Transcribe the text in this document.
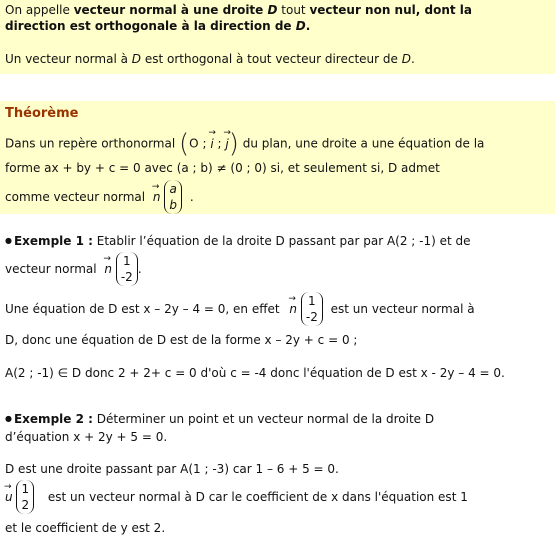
On appelle vecteur normal à une droite D tout vecteur non nul, dont la
direction est orthogonale à la direction de D.
Un vecteur normal à D est orthogonal à tout vecteur directeur de D.
Théorème
Dans un repère orthonormal (O ; → i ; → j) du plan, une droite a une équation de la
forme ax + by + c = 0 avec (a ; b) ≠ (0 ; 0) si, et seulement si, D admet
comme vecteur normal → n
a
b
.
● Exemple 1 : Etablir l’équation de la droite D passant par par A(2 ; -1) et de
vecteur normal → n
1
-2
.
Une équation de D est x – 2y – 4 = 0, en effet → n
1
-2
est un vecteur normal à
D, donc une équation de D est de la forme x – 2y + c = 0 ;
A(2 ; -1) ∈ D donc 2 + 2+ c = 0 d'où c = -4 donc l'équation de D est x - 2y – 4 = 0.
● Exemple 2 : Déterminer un point et un vecteur normal de la droite D
d’équation x + 2y + 5 = 0.
D est une droite passant par A(1 ; -3) car 1 – 6 + 5 = 0.
→ u
1
2
est un vecteur normal à D car le coefficient de x dans l'équation est 1
et le coefficient de y est 2.
